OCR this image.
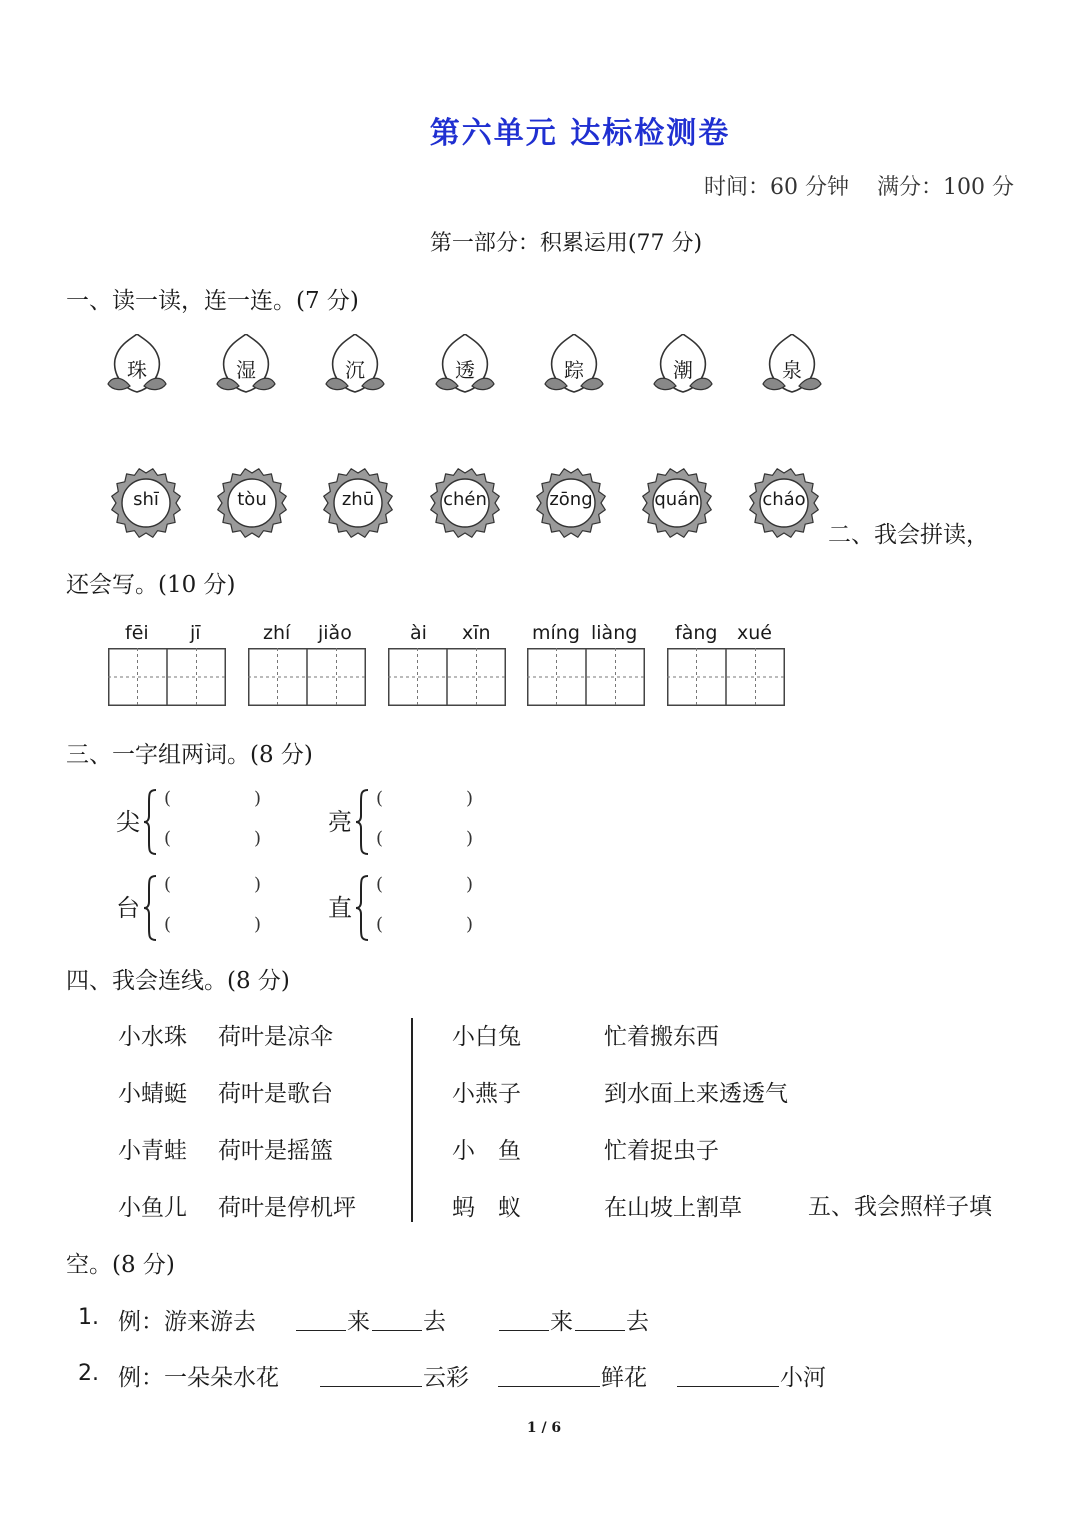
第六单元 达标检测卷
时间：60 分钟    满分：100 分
第一部分：积累运用(77 分)
一、读一读，连一连。(7 分)
珠	湿	沉	透	踪	潮	泉
shī	tòu	zhū	chén	zōng	quán	cháo
二、我会拼读，
还会写。(10 分)
fēi jī	zhí jiǎo	ài xīn míng liàng fàng xué
三、一字组两词。(8 分)
尖
(	)
(	)
亮
(	)
(	)
台
(	)
(	)
直
(	)
(	)
四、我会连线。(8 分)
小水珠 荷叶是凉伞
小蜻蜓 荷叶是歌台
小青蛙 荷叶是摇篮
小鱼儿 荷叶是停机坪
小白兔	忙着搬东西
小燕子	到水面上来透透气
小　鱼	忙着捉虫子
蚂　蚁	在山坡上割草	五、我会照样子填
空。(8 分)
1. 例：游来游去	来 去	来 去
2. 例：一朵朵水花	云彩	鲜花	小河
1 / 6
